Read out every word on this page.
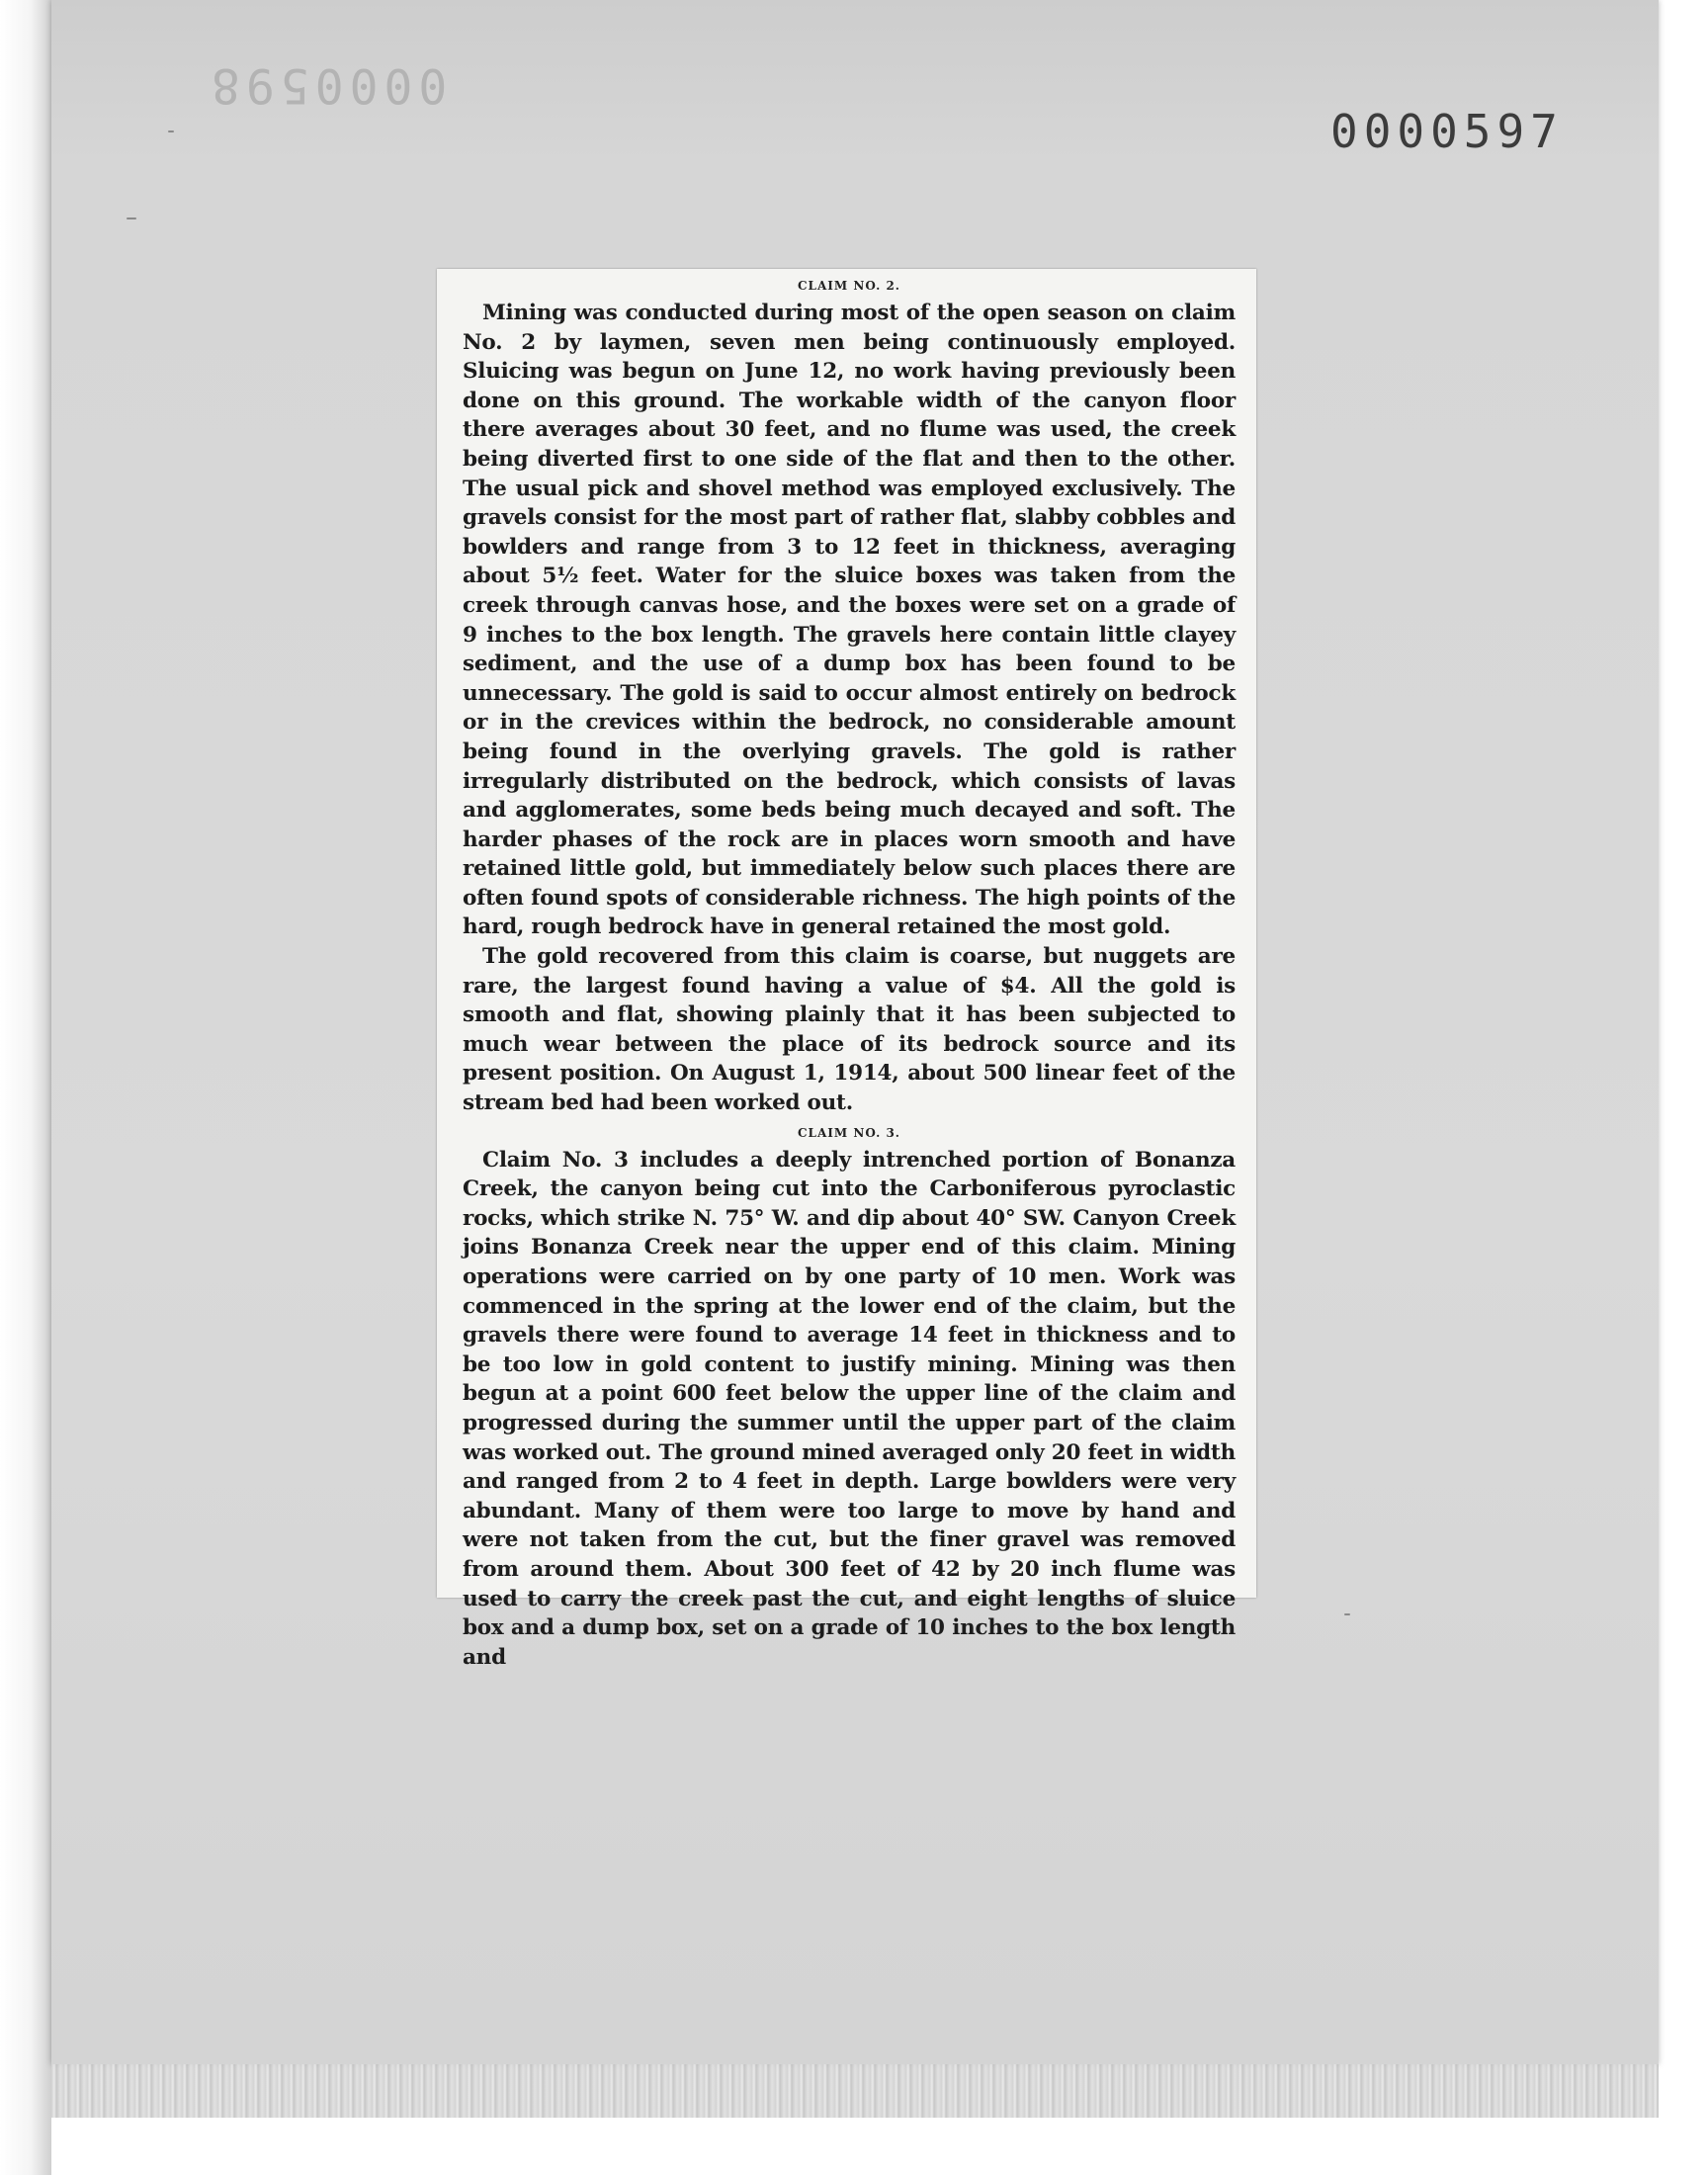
0000598
0000597
CLAIM NO. 2.

Mining was conducted during most of the open season on claim No. 2 by laymen, seven men being continuously employed. Sluicing was begun on June 12, no work having previously been done on this ground. The workable width of the canyon floor there averages about 30 feet, and no flume was used, the creek being diverted first to one side of the flat and then to the other. The usual pick and shovel method was employed exclusively. The gravels consist for the most part of rather flat, slabby cobbles and bowlders and range from 3 to 12 feet in thickness, averaging about 5½ feet. Water for the sluice boxes was taken from the creek through canvas hose, and the boxes were set on a grade of 9 inches to the box length. The gravels here contain little clayey sediment, and the use of a dump box has been found to be unnecessary. The gold is said to occur almost entirely on bedrock or in the crevices within the bedrock, no considerable amount being found in the overlying gravels. The gold is rather irregularly distributed on the bedrock, which consists of lavas and agglomerates, some beds being much decayed and soft. The harder phases of the rock are in places worn smooth and have retained little gold, but immediately below such places there are often found spots of considerable richness. The high points of the hard, rough bedrock have in general retained the most gold.

The gold recovered from this claim is coarse, but nuggets are rare, the largest found having a value of $4. All the gold is smooth and flat, showing plainly that it has been subjected to much wear between the place of its bedrock source and its present position. On August 1, 1914, about 500 linear feet of the stream bed had been worked out.

CLAIM NO. 3.

Claim No. 3 includes a deeply intrenched portion of Bonanza Creek, the canyon being cut into the Carboniferous pyroclastic rocks, which strike N. 75° W. and dip about 40° SW. Canyon Creek joins Bonanza Creek near the upper end of this claim. Mining operations were carried on by one party of 10 men. Work was commenced in the spring at the lower end of the claim, but the gravels there were found to average 14 feet in thickness and to be too low in gold content to justify mining. Mining was then begun at a point 600 feet below the upper line of the claim and progressed during the summer until the upper part of the claim was worked out. The ground mined averaged only 20 feet in width and ranged from 2 to 4 feet in depth. Large bowlders were very abundant. Many of them were too large to move by hand and were not taken from the cut, but the finer gravel was removed from around them. About 300 feet of 42 by 20 inch flume was used to carry the creek past the cut, and eight lengths of sluice box and a dump box, set on a grade of 10 inches to the box length and
